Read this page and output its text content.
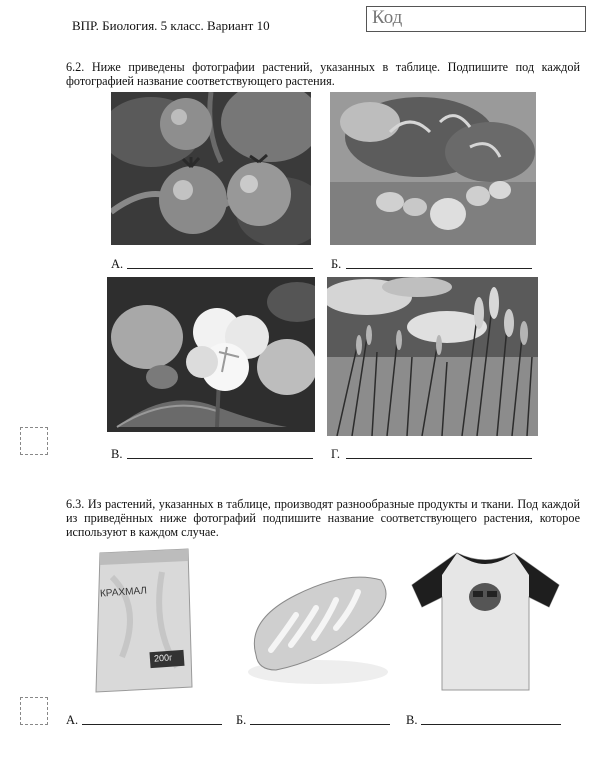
ВПР. Биология. 5 класс. Вариант 10	Код
6.2. Ниже приведены фотографии растений, указанных в таблице. Подпишите под каждой фотографией название соответствующего растения.
А.	Б.
В.	Г.
6.3. Из растений, указанных в таблице, производят разнообразные продукты и ткани. Под каждой из приведённых ниже фотографий подпишите название соответствующего растения, которое используют в каждом случае.
КРАХМАЛ
200г
А.	Б.	В.
